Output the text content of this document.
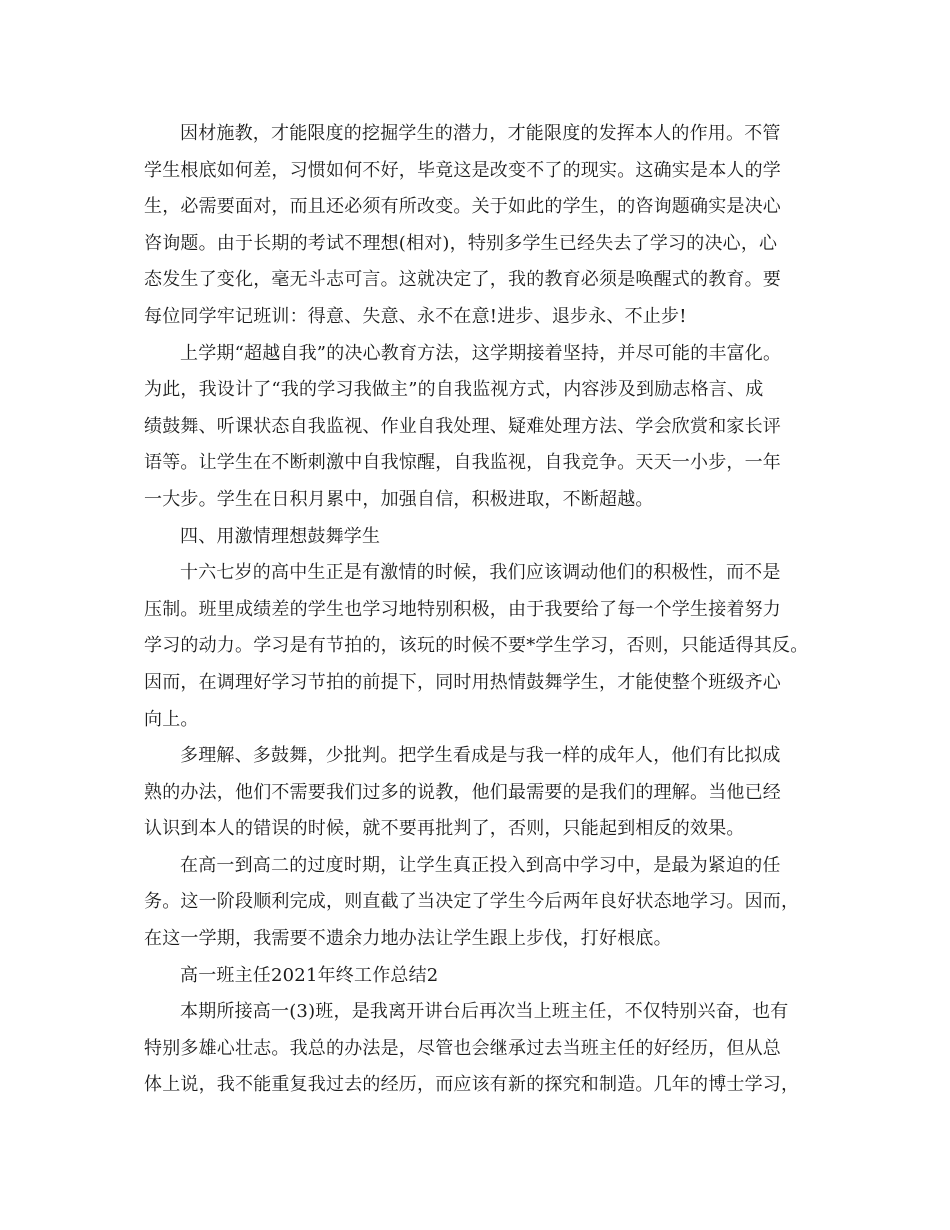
因材施教，才能限度的挖掘学生的潜力，才能限度的发挥本人的作用。不管
学生根底如何差，习惯如何不好，毕竟这是改变不了的现实。这确实是本人的学
生，必需要面对，而且还必须有所改变。关于如此的学生，的咨询题确实是决心
咨询题。由于长期的考试不理想(相对)，特别多学生已经失去了学习的决心，心
态发生了变化，毫无斗志可言。这就决定了，我的教育必须是唤醒式的教育。要
每位同学牢记班训：得意、失意、永不在意!进步、退步永、不止步!
上学期“超越自我”的决心教育方法，这学期接着坚持，并尽可能的丰富化。
为此，我设计了“我的学习我做主”的自我监视方式，内容涉及到励志格言、成
绩鼓舞、听课状态自我监视、作业自我处理、疑难处理方法、学会欣赏和家长评
语等。让学生在不断刺激中自我惊醒，自我监视，自我竞争。天天一小步，一年
一大步。学生在日积月累中，加强自信，积极进取，不断超越。
四、用激情理想鼓舞学生
十六七岁的高中生正是有激情的时候，我们应该调动他们的积极性，而不是
压制。班里成绩差的学生也学习地特别积极，由于我要给了每一个学生接着努力
学习的动力。学习是有节拍的，该玩的时候不要*学生学习，否则，只能适得其反。
因而，在调理好学习节拍的前提下，同时用热情鼓舞学生，才能使整个班级齐心
向上。
多理解、多鼓舞，少批判。把学生看成是与我一样的成年人，他们有比拟成
熟的办法，他们不需要我们过多的说教，他们最需要的是我们的理解。当他已经
认识到本人的错误的时候，就不要再批判了，否则，只能起到相反的效果。
在高一到高二的过度时期，让学生真正投入到高中学习中，是最为紧迫的任
务。这一阶段顺利完成，则直截了当决定了学生今后两年良好状态地学习。因而，
在这一学期，我需要不遗余力地办法让学生跟上步伐，打好根底。
高一班主任2021年终工作总结2
本期所接高一(3)班，是我离开讲台后再次当上班主任，不仅特别兴奋，也有
特别多雄心壮志。我总的办法是，尽管也会继承过去当班主任的好经历，但从总
体上说，我不能重复我过去的经历，而应该有新的探究和制造。几年的博士学习，
